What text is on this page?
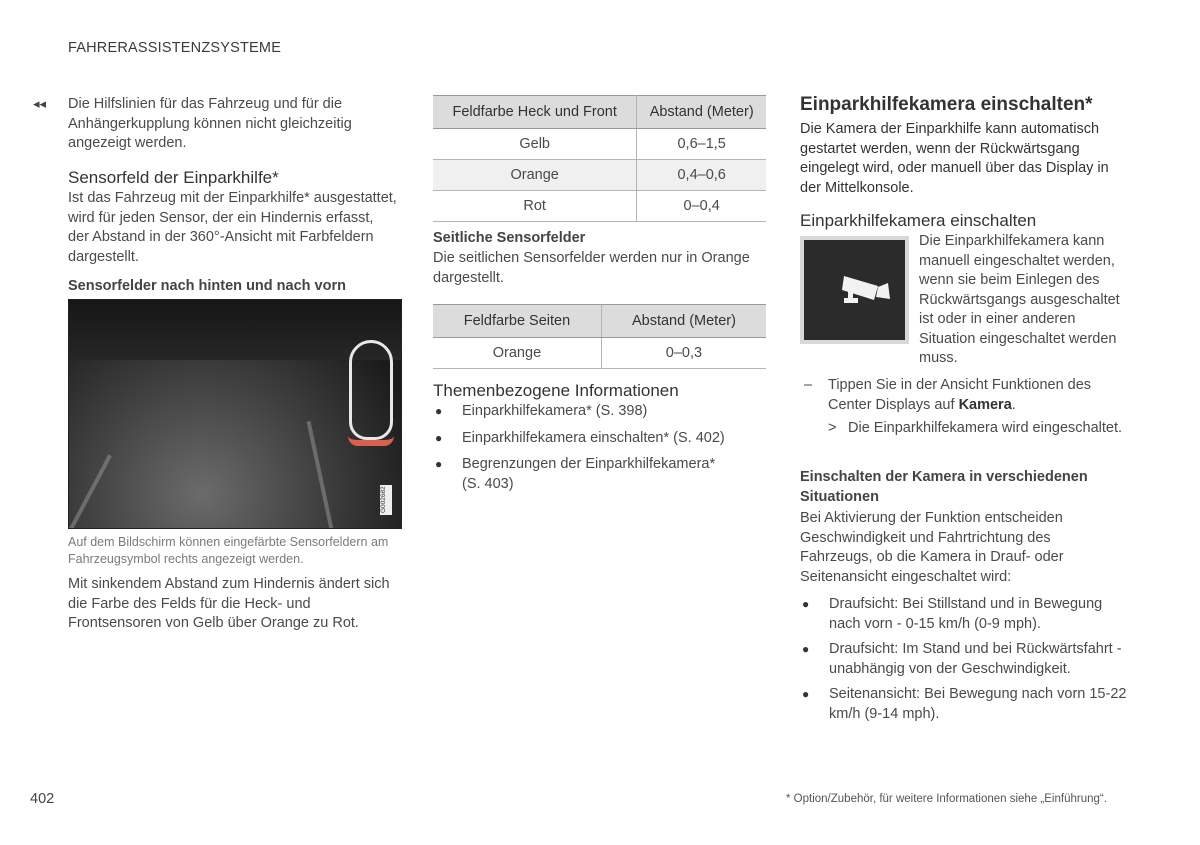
FAHRERASSISTENZSYSTEME
◂◂ Die Hilfslinien für das Fahrzeug und für die Anhängerkupplung können nicht gleichzeitig angezeigt werden.
Sensorfeld der Einparkhilfe*
Ist das Fahrzeug mit der Einparkhilfe* ausgestattet, wird für jeden Sensor, der ein Hindernis erfasst, der Abstand in der 360°-Ansicht mit Farbfeldern dargestellt.
Sensorfelder nach hinten und nach vorn
G002682
Auf dem Bildschirm können eingefärbte Sensorfeldern am Fahrzeugsymbol rechts angezeigt werden.
Mit sinkendem Abstand zum Hindernis ändert sich die Farbe des Felds für die Heck- und Frontsensoren von Gelb über Orange zu Rot.
Feldfarbe Heck und Front	Abstand (Meter)
Gelb	0,6–1,5
Orange	0,4–0,6
Rot	0–0,4
Seitliche Sensorfelder
Die seitlichen Sensorfelder werden nur in Orange dargestellt.
Feldfarbe Seiten	Abstand (Meter)
Orange	0–0,3
Themenbezogene Informationen
● Einparkhilfekamera* (S. 398)
● Einparkhilfekamera einschalten* (S. 402)
● Begrenzungen der Einparkhilfekamera* (S. 403)
Einparkhilfekamera einschalten*
Die Kamera der Einparkhilfe kann automatisch gestartet werden, wenn der Rückwärtsgang eingelegt wird, oder manuell über das Display in der Mittelkonsole.
Einparkhilfekamera einschalten
Die Einparkhilfekamera kann manuell eingeschaltet werden, wenn sie beim Einlegen des Rückwärtsgangs ausgeschaltet ist oder in einer anderen Situation eingeschaltet werden muss.
– Tippen Sie in der Ansicht Funktionen des Center Displays auf Kamera.
> Die Einparkhilfekamera wird eingeschaltet.
Einschalten der Kamera in verschiedenen Situationen
Bei Aktivierung der Funktion entscheiden Geschwindigkeit und Fahrtrichtung des Fahrzeugs, ob die Kamera in Drauf- oder Seitenansicht eingeschaltet wird:
● Draufsicht: Bei Stillstand und in Bewegung nach vorn - 0-15 km/h (0-9 mph).
● Draufsicht: Im Stand und bei Rückwärtsfahrt - unabhängig von der Geschwindigkeit.
● Seitenansicht: Bei Bewegung nach vorn 15-22 km/h (9-14 mph).
402	* Option/Zubehör, für weitere Informationen siehe „Einführung“.
